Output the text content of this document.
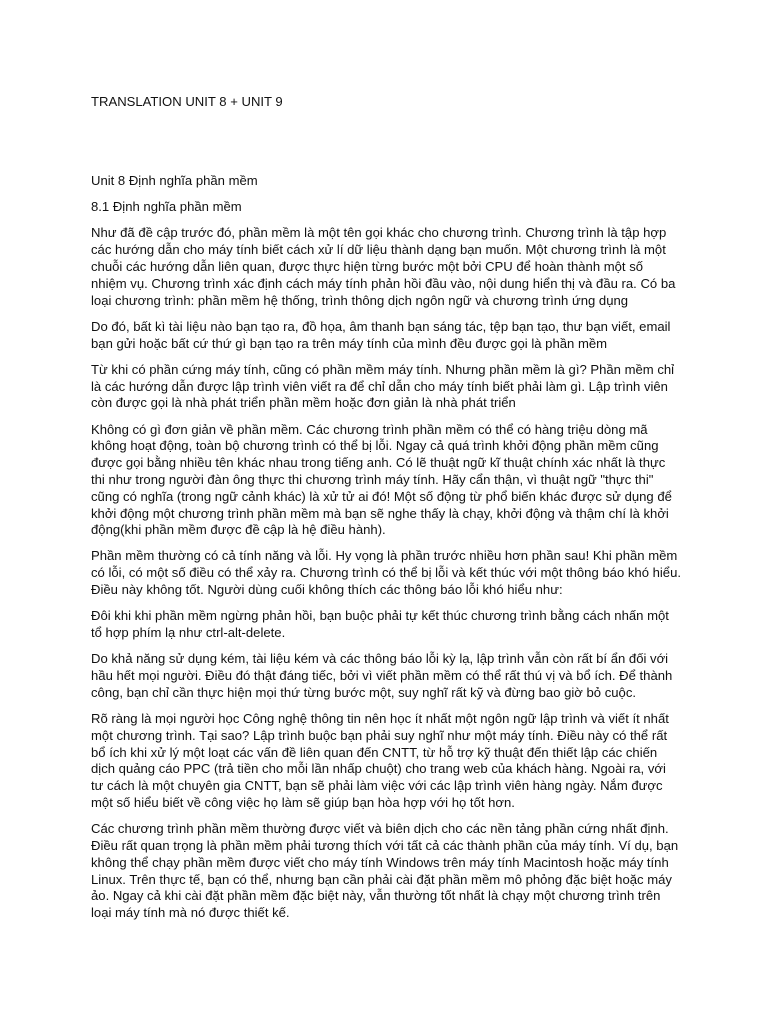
TRANSLATION UNIT 8 + UNIT 9

Unit 8 Định nghĩa phần mềm

8.1 Định nghĩa phần mềm

Như đã đề cập trước đó, phần mềm là một tên gọi khác cho chương trình. Chương trình là tập hợp các hướng dẫn cho máy tính biết cách xử lí dữ liệu thành dạng bạn muốn. Một chương trình là một chuỗi các hướng dẫn liên quan, được thực hiện từng bước một bởi CPU để hoàn thành một số nhiệm vụ. Chương trình xác định cách máy tính phản hồi đầu vào, nội dung hiển thị và đầu ra. Có ba loại chương trình: phần mềm hệ thống, trình thông dịch ngôn ngữ và chương trình ứng dụng

Do đó, bất kì tài liệu nào bạn tạo ra, đồ họa, âm thanh bạn sáng tác, tệp bạn tạo, thư bạn viết, email bạn gửi hoặc bất cứ thứ gì bạn tạo ra trên máy tính của mình đều được gọi là phần mềm

Từ khi có phần cứng máy tính, cũng có phần mềm máy tính. Nhưng phần mềm là gì? Phần mềm chỉ là các hướng dẫn được lập trình viên viết ra để chỉ dẫn cho máy tính biết phải làm gì. Lập trình viên còn được gọi là nhà phát triển phần mềm hoặc đơn giản là nhà phát triển

Không có gì đơn giản về phần mềm. Các chương trình phần mềm có thể có hàng triệu dòng mã không hoạt động, toàn bộ chương trình có thể bị lỗi. Ngay cả quá trình khởi động phần mềm cũng được gọi bằng nhiều tên khác nhau trong tiếng anh. Có lẽ thuật ngữ kĩ thuật chính xác nhất là thực thi như trong người đàn ông thực thi chương trình máy tính. Hãy cẩn thận, vì thuật ngữ "thực thi" cũng có nghĩa (trong ngữ cảnh khác) là xử tử ai đó! Một số động từ phổ biến khác được sử dụng để khởi động một chương trình phần mềm mà bạn sẽ nghe thấy là chạy, khởi động và thậm chí là khởi động(khi phần mềm được đề cập là hệ điều hành).

Phần mềm thường có cả tính năng và lỗi. Hy vọng là phần trước nhiều hơn phần sau! Khi phần mềm có lỗi, có một số điều có thể xảy ra. Chương trình có thể bị lỗi và kết thúc với một thông báo khó hiểu. Điều này không tốt. Người dùng cuối không thích các thông báo lỗi khó hiểu như:

Đôi khi khi phần mềm ngừng phản hồi, bạn buộc phải tự kết thúc chương trình bằng cách nhấn một tổ hợp phím lạ như ctrl-alt-delete.

Do khả năng sử dụng kém, tài liệu kém và các thông báo lỗi kỳ lạ, lập trình vẫn còn rất bí ẩn đối với hầu hết mọi người. Điều đó thật đáng tiếc, bởi vì viết phần mềm có thể rất thú vị và bổ ích. Để thành công, bạn chỉ cần thực hiện mọi thứ từng bước một, suy nghĩ rất kỹ và đừng bao giờ bỏ cuộc.

Rõ ràng là mọi người học Công nghệ thông tin nên học ít nhất một ngôn ngữ lập trình và viết ít nhất một chương trình. Tại sao? Lập trình buộc bạn phải suy nghĩ như một máy tính. Điều này có thể rất bổ ích khi xử lý một loạt các vấn đề liên quan đến CNTT, từ hỗ trợ kỹ thuật đến thiết lập các chiến dịch quảng cáo PPC (trả tiền cho mỗi lần nhấp chuột) cho trang web của khách hàng. Ngoài ra, với tư cách là một chuyên gia CNTT, bạn sẽ phải làm việc với các lập trình viên hàng ngày. Nắm được một số hiểu biết về công việc họ làm sẽ giúp bạn hòa hợp với họ tốt hơn.

Các chương trình phần mềm thường được viết và biên dịch cho các nền tảng phần cứng nhất định. Điều rất quan trọng là phần mềm phải tương thích với tất cả các thành phần của máy tính. Ví dụ, bạn không thể chạy phần mềm được viết cho máy tính Windows trên máy tính Macintosh hoặc máy tính Linux. Trên thực tế, bạn có thể, nhưng bạn cần phải cài đặt phần mềm mô phỏng đặc biệt hoặc máy ảo. Ngay cả khi cài đặt phần mềm đặc biệt này, vẫn thường tốt nhất là chạy một chương trình trên loại máy tính mà nó được thiết kế.
